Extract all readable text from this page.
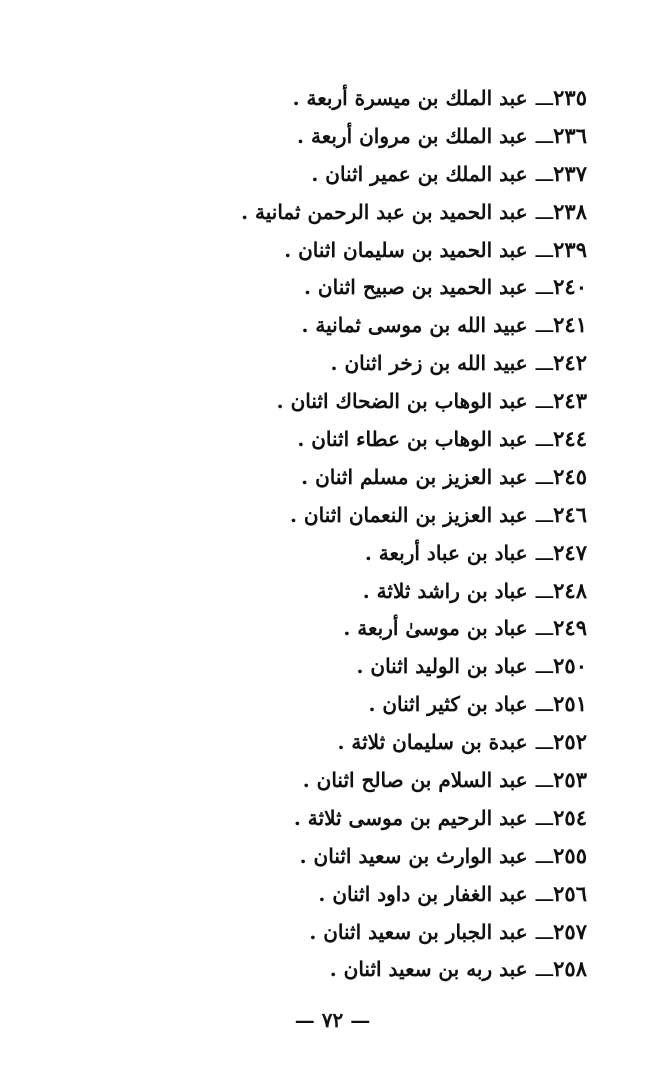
٢٣٥ـــعبد الملك بن ميسرة أربعة .
٢٣٦ـــعبد الملك بن مروان أربعة .
٢٣٧ـــعبد الملك بن عمير اثنان .
٢٣٨ـــعبد الحميد بن عبد الرحمن ثمانية .
٢٣٩ـــعبد الحميد بن سليمان اثنان .
٢٤٠ـــعبد الحميد بن صبيح اثنان .
٢٤١ـــعبيد الله بن موسى ثمانية .
٢٤٢ـــعبيد الله بن زخر اثنان .
٢٤٣ـــعبد الوهاب بن الضحاك اثنان .
٢٤٤ـــعبد الوهاب بن عطاء اثنان .
٢٤٥ـــعبد العزيز بن مسلم اثنان .
٢٤٦ـــعبد العزيز بن النعمان اثنان .
٢٤٧ـــعباد بن عباد أربعة .
٢٤٨ـــعباد بن راشد ثلاثة .
٢٤٩ـــعباد بن موسىٰ أربعة .
٢٥٠ـــعباد بن الوليد اثنان .
٢٥١ـــعباد بن كثير اثنان .
٢٥٢ـــعبدة بن سليمان ثلاثة .
٢٥٣ـــعبد السلام بن صالح اثنان .
٢٥٤ـــعبد الرحيم بن موسى ثلاثة .
٢٥٥ـــعبد الوارث بن سعيد اثنان .
٢٥٦ـــعبد الغفار بن داود اثنان .
٢٥٧ـــعبد الجبار بن سعيد اثنان .
٢٥٨ـــعبد ربه بن سعيد اثنان .
— ٧٢ —
